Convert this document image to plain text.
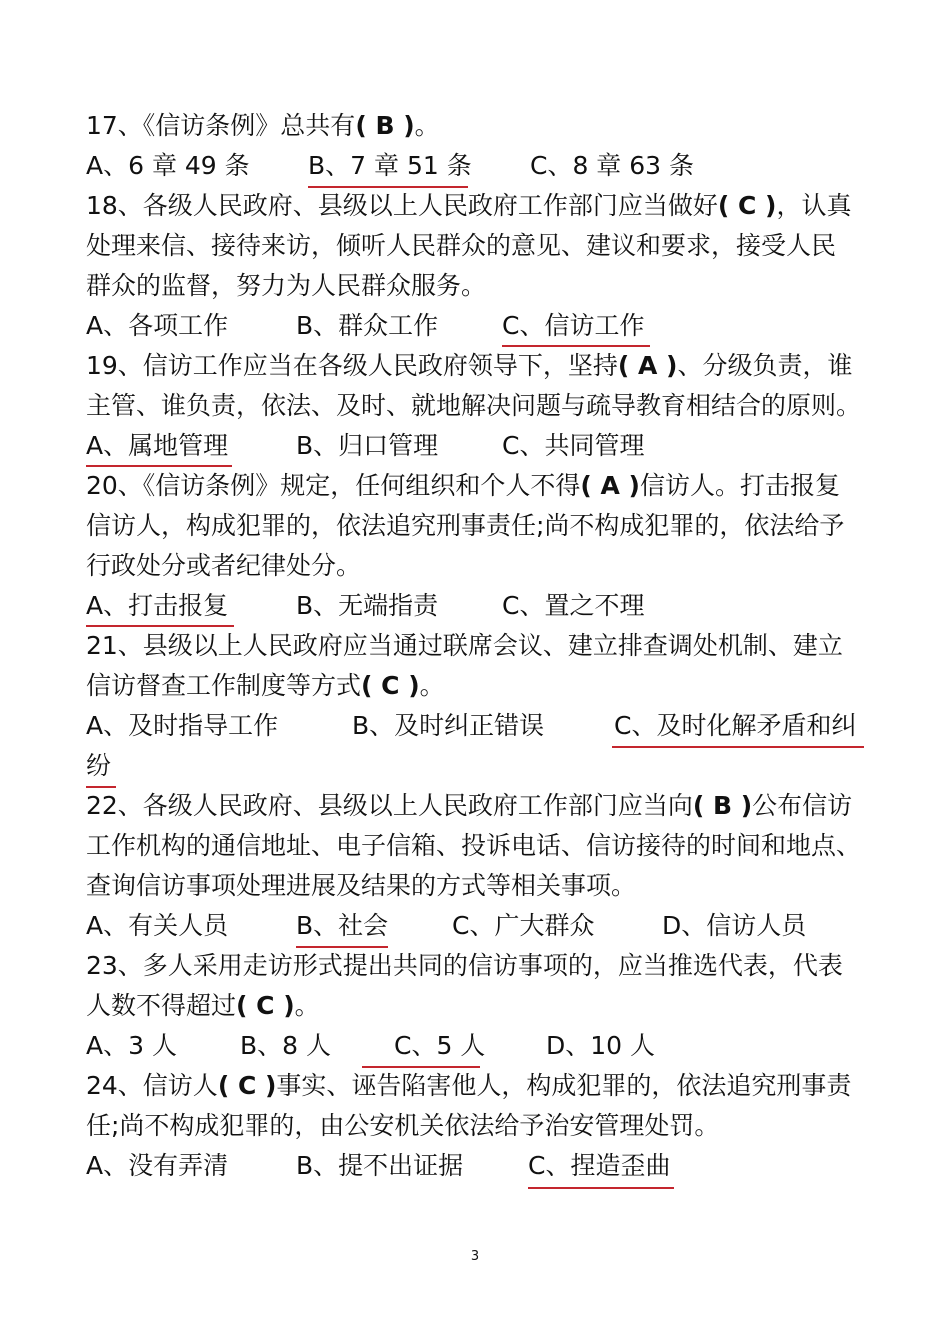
17、《信访条例》总共有( B )。
A、6 章 49 条 B、7 章 51 条 C、8 章 63 条
18、各级人民政府、县级以上人民政府工作部门应当做好( C )，认真
处理来信、接待来访，倾听人民群众的意见、建议和要求，接受人民
群众的监督，努力为人民群众服务。
A、各项工作	B、群众工作	C、信访工作
19、信访工作应当在各级人民政府领导下，坚持( A )、分级负责，谁
主管、谁负责，依法、及时、就地解决问题与疏导教育相结合的原则。
A、属地管理	B、归口管理	C、共同管理
20、《信访条例》规定，任何组织和个人不得( A )信访人。打击报复
信访人，构成犯罪的，依法追究刑事责任;尚不构成犯罪的，依法给予
行政处分或者纪律处分。
A、打击报复	B、无端指责	C、置之不理
21、县级以上人民政府应当通过联席会议、建立排查调处机制、建立
信访督查工作制度等方式( C )。
A、及时指导工作	B、及时纠正错误	C、及时化解矛盾和纠
纷
22、各级人民政府、县级以上人民政府工作部门应当向( B )公布信访
工作机构的通信地址、电子信箱、投诉电话、信访接待的时间和地点、
查询信访事项处理进展及结果的方式等相关事项。
A、有关人员	B、社会	C、广大群众	D、信访人员
23、多人采用走访形式提出共同的信访事项的，应当推选代表，代表
人数不得超过( C )。
A、3 人	B、8 人	C、5 人 D、10 人
24、信访人( C )事实、诬告陷害他人，构成犯罪的，依法追究刑事责
任;尚不构成犯罪的，由公安机关依法给予治安管理处罚。
A、没有弄清	B、提不出证据	C、捏造歪曲
3
